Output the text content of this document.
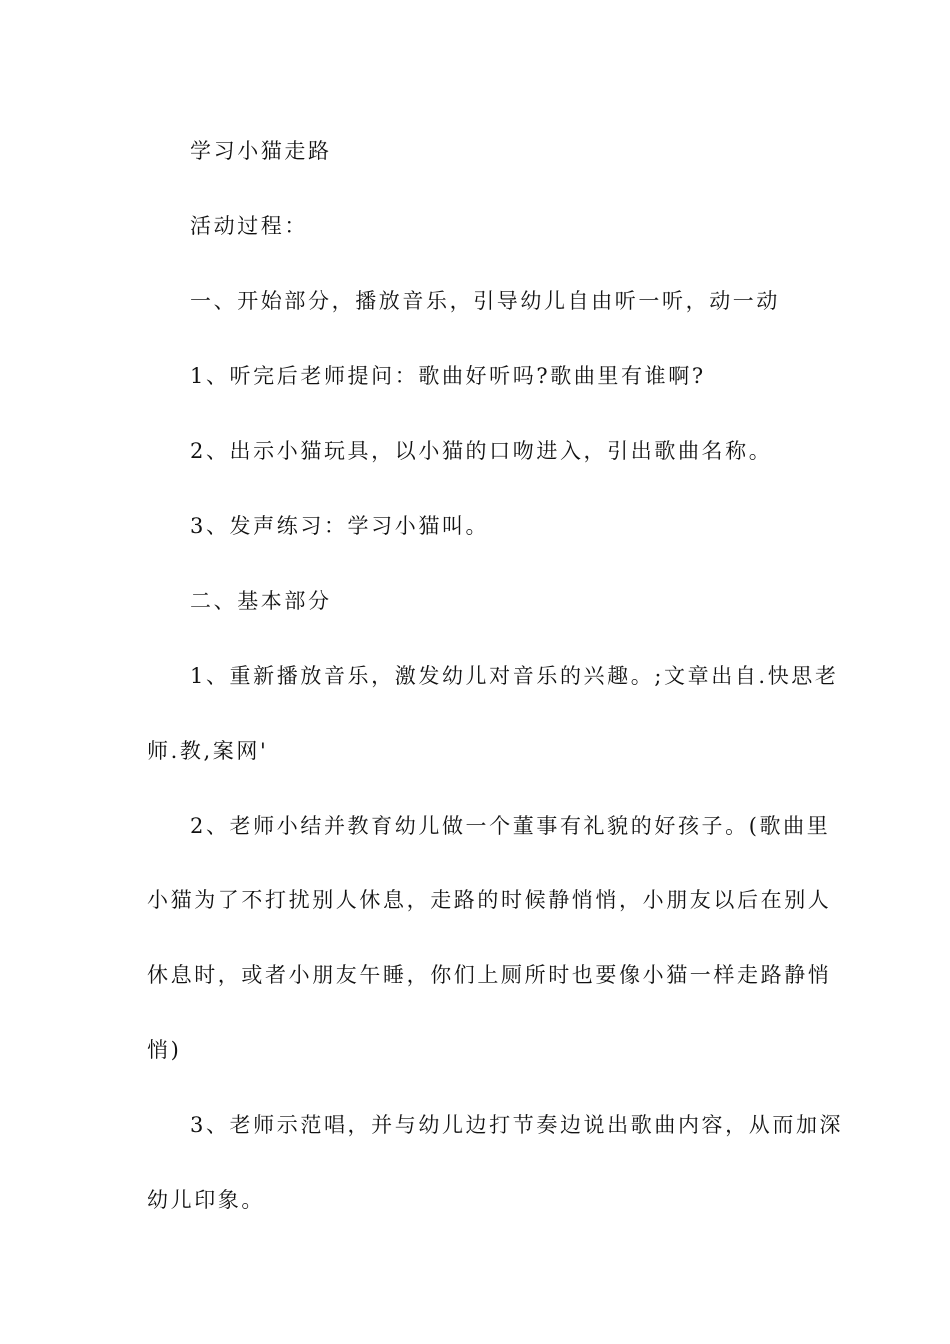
学习小猫走路
活动过程：
一、开始部分，播放音乐，引导幼儿自由听一听，动一动
1、听完后老师提问：歌曲好听吗?歌曲里有谁啊?
2、出示小猫玩具，以小猫的口吻进入，引出歌曲名称。
3、发声练习：学习小猫叫。
二、基本部分
1、重新播放音乐，激发幼儿对音乐的兴趣。;文章出自.快思老
师.教,案网'
2、老师小结并教育幼儿做一个董事有礼貌的好孩子。(歌曲里
小猫为了不打扰别人休息，走路的时候静悄悄，小朋友以后在别人
休息时，或者小朋友午睡，你们上厕所时也要像小猫一样走路静悄
悄)
3、老师示范唱，并与幼儿边打节奏边说出歌曲内容，从而加深
幼儿印象。
